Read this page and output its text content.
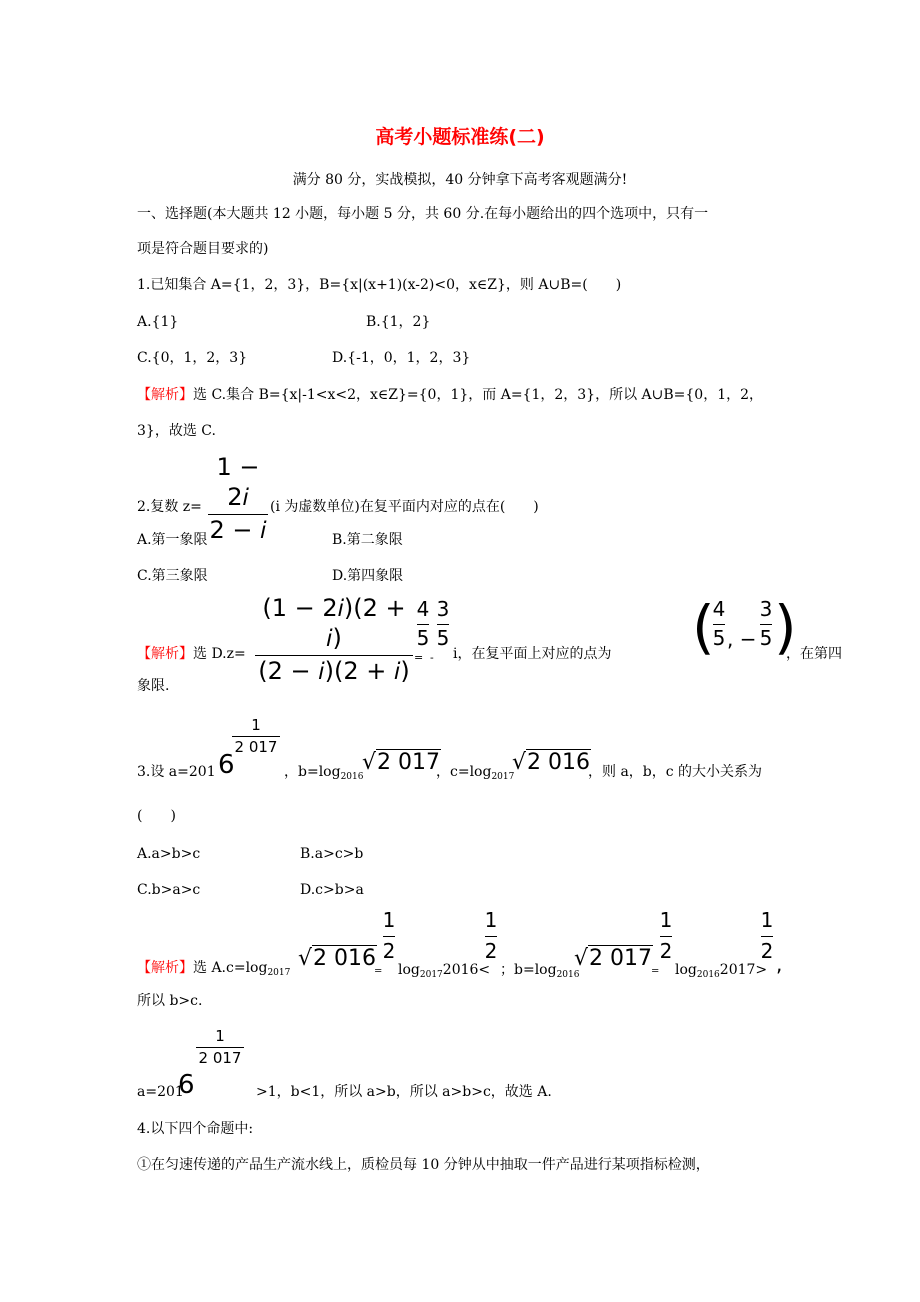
高考小题标准练(二)
满分 80 分，实战模拟，40 分钟拿下高考客观题满分!
一、选择题(本大题共 12 小题，每小题 5 分，共 60 分.在每小题给出的四个选项中，只有一
项是符合题目要求的)
1.已知集合 A={1，2，3}，B={x|(x+1)(x-2)<0，x∈Z}，则 A∪B=(　　)
A.{1}	B.{1，2}
C.{0，1，2，3}	D.{-1，0，1，2，3}
【解析】选 C.集合 B={x|-1<x<2，x∈Z}={0，1}，而 A={1，2，3}，所以 A∪B={0，1，2，
3}，故选 C.
2.复数 z=
1 − 2𝑖
2 − 𝑖
(i 为虚数单位)在复平面内对应的点在(　　)
A.第一象限	B.第二象限
C.第三象限	D.第四象限
【解析】选 D.z=
(1 − 2𝑖)(2 + 𝑖)
(2 − 𝑖)(2 + 𝑖) =
4
5
-
3
5
i，在复平面上对应的点为 (
4
5 , −
3
5 )
，在第四
象限.
3.设 a=201 6
1
2 017
，$b=\log_{2016}$
√2 017
，$c=\log_{2017}$
√2 016
，则 a，b，c 的大小关系为
(　　)
A.a>b>c	B.a>c>b
C.b>a>c	D.c>b>a
【解析】选 $A.c=\log_{2017}$
√2 016
=
1
2
$\log_{2017}2016<$
1
2
；$b=\log_{2016}$
√2 017
=
1
2
$\log_{2016}2017>$
1
2
,
所以 b>c.
a=201
6
1
2 017
>1，b<1，所以 a>b，所以 a>b>c，故选 A.
4.以下四个命题中:
①在匀速传递的产品生产流水线上，质检员每 10 分钟从中抽取一件产品进行某项指标检测，
